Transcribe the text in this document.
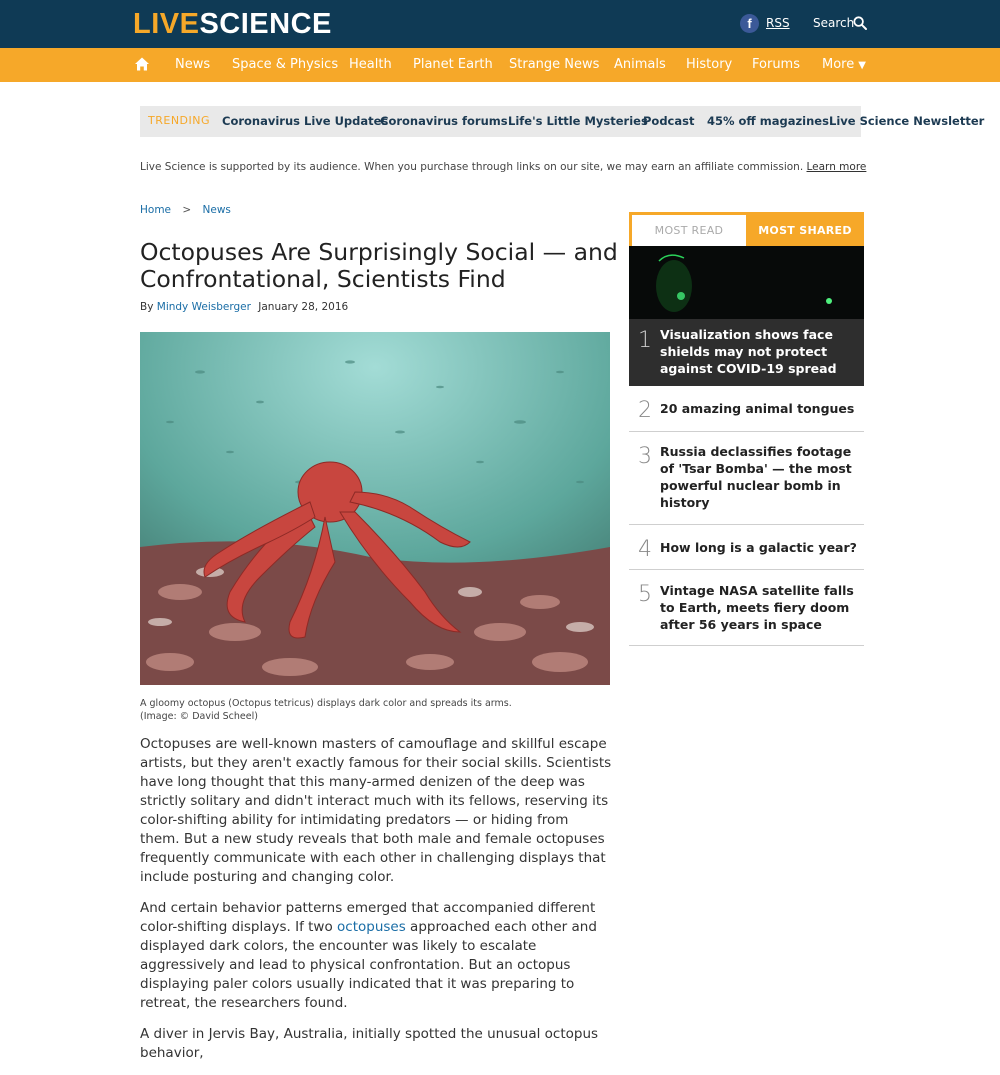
LIVESCIENCE	f	RSS Search
News Space & Physics Health Planet Earth Strange News Animals History Forums More ▼
TRENDING Coronavirus Live Updates
Coronavirus forums Life's Little Mysteries
Podcast 45% off magazines Live Science Newsletter
Live Science is supported by its audience. When you purchase through links on our site, we may earn an affiliate commission. Learn more
Home > News
Octopuses Are Surprisingly Social — and Confrontational, Scientists Find
By Mindy Weisberger January 28, 2016
A gloomy octopus (Octopus tetricus) displays dark color and spreads its arms.
(Image: © David Scheel)

Octopuses are well-known masters of camouflage and skillful escape artists, but they aren't exactly famous for their social skills. Scientists have long thought that this many-armed denizen of the deep was strictly solitary and didn't interact much with its fellows, reserving its color-shifting ability for intimidating predators — or hiding from them. But a new study reveals that both male and female octopuses frequently communicate with each other in challenging displays that include posturing and changing color.

And certain behavior patterns emerged that accompanied different color-shifting displays. If two octopuses approached each other and displayed dark colors, the encounter was likely to escalate aggressively and lead to physical confrontation. But an octopus displaying paler colors usually indicated that it was preparing to retreat, the researchers found.

A diver in Jervis Bay, Australia, initially spotted the unusual octopus behavior,

MOST READ	MOST SHARED
1 Visualization shows face shields may not protect against COVID-19 spread
2 20 amazing animal tongues
3 Russia declassifies footage of 'Tsar Bomba' — the most powerful nuclear bomb in history
4 How long is a galactic year?
5 Vintage NASA satellite falls to Earth, meets fiery doom after 56 years in space
